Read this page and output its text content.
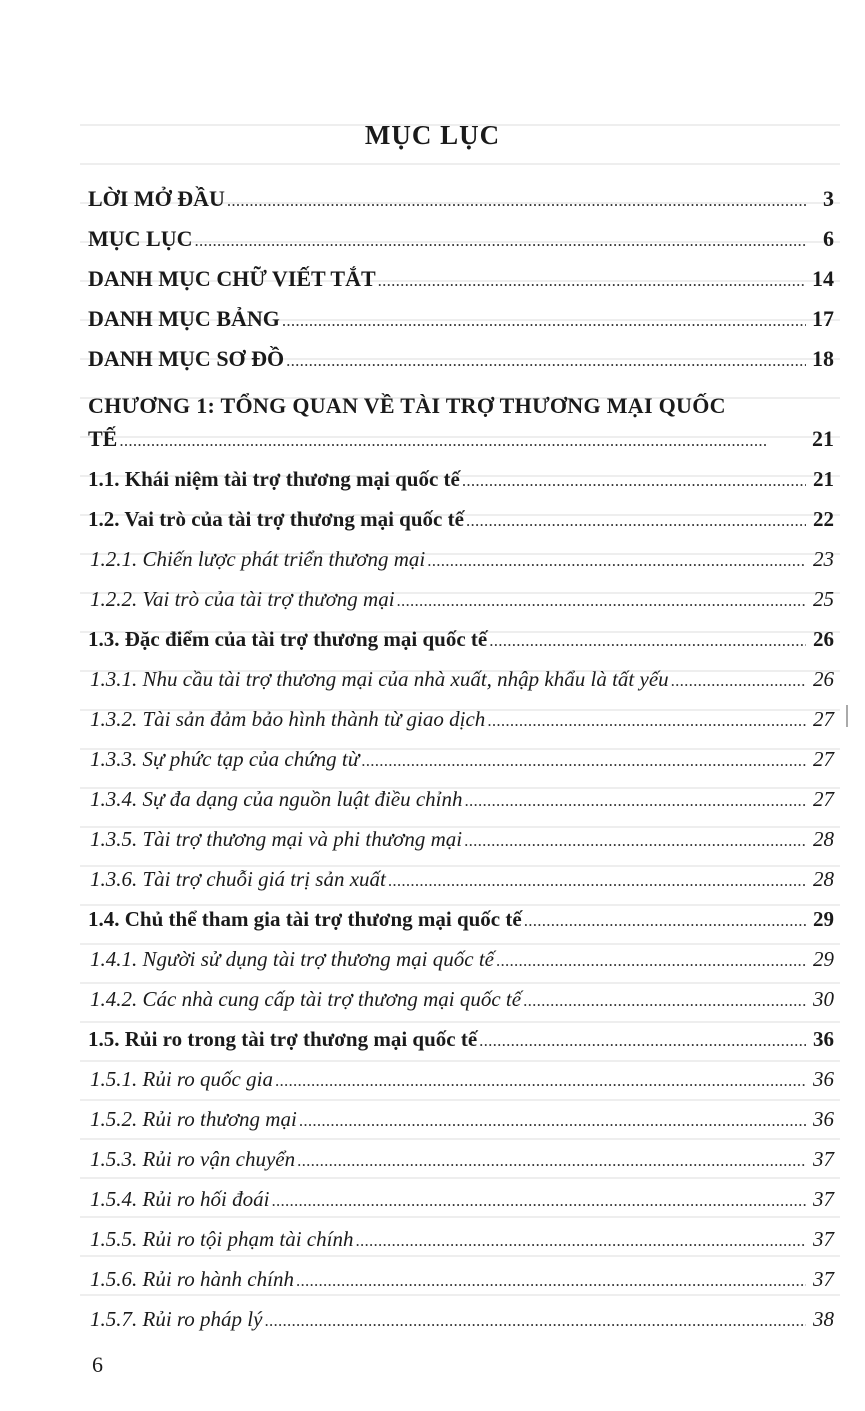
MỤC LỤC
LỜI MỞ ĐẦU . . .	3
MỤC LỤC . . .	6
DANH MỤC CHỮ VIẾT TẮT . . .	14
DANH MỤC BẢNG . . .	17
DANH MỤC SƠ ĐỒ . . .	18
CHƯƠNG 1: TỔNG QUAN VỀ TÀI TRỢ THƯƠNG MẠI QUỐC
TẾ . . .	21
1.1. Khái niệm tài trợ thương mại quốc tế . . .	21
1.2. Vai trò của tài trợ thương mại quốc tế . . .	22
1.2.1. Chiến lược phát triển thương mại . . .	23
1.2.2. Vai trò của tài trợ thương mại . . .	25
1.3. Đặc điểm của tài trợ thương mại quốc tế . . .	26
1.3.1. Nhu cầu tài trợ thương mại của nhà xuất, nhập khẩu là tất yếu . . .	26
1.3.2. Tài sản đảm bảo hình thành từ giao dịch . . .	27
1.3.3. Sự phức tạp của chứng từ . . .	27
1.3.4. Sự đa dạng của nguồn luật điều chỉnh . . .	27
1.3.5. Tài trợ thương mại và phi thương mại . . .	28
1.3.6. Tài trợ chuỗi giá trị sản xuất . . .	28
1.4. Chủ thể tham gia tài trợ thương mại quốc tế . . .	29
1.4.1. Người sử dụng tài trợ thương mại quốc tế . . .	29
1.4.2. Các nhà cung cấp tài trợ thương mại quốc tế . . .	30
1.5. Rủi ro trong tài trợ thương mại quốc tế . . .	36
1.5.1. Rủi ro quốc gia . . .	36
1.5.2. Rủi ro thương mại . . .	36
1.5.3. Rủi ro vận chuyển . . .	37
1.5.4. Rủi ro hối đoái . . .	37
1.5.5. Rủi ro tội phạm tài chính . . .	37
1.5.6. Rủi ro hành chính . . .	37
1.5.7. Rủi ro pháp lý . . .	38
6
